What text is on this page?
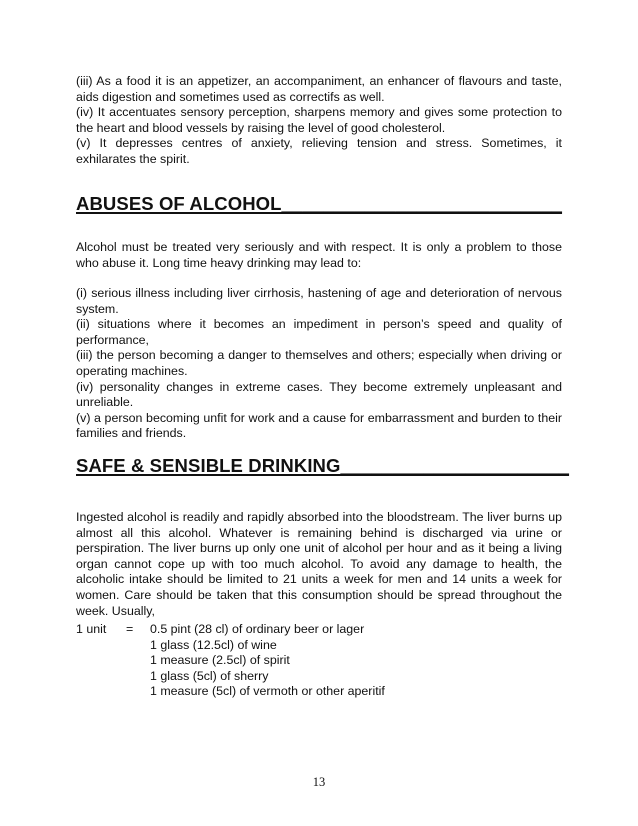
(iii) As a food it is an appetizer, an accompaniment, an enhancer of flavours and taste, aids digestion and sometimes used as correctifs as well.

(iv) It accentuates sensory perception, sharpens memory and gives some protection to the heart and blood vessels by raising the level of good cholesterol.

(v) It depresses centres of anxiety, relieving tension and stress. Sometimes, it exhilarates the spirit.

ABUSES OF ALCOHOL___________________________

Alcohol must be treated very seriously and with respect. It is only a problem to those who abuse it. Long time heavy drinking may lead to:

(i) serious illness including liver cirrhosis, hastening of age and deterioration of nervous system.

(ii) situations where it becomes an impediment in person’s speed and quality of performance,

(iii) the person becoming a danger to themselves and others; especially when driving or operating machines.

(iv) personality changes in extreme cases. They become extremely unpleasant and unreliable.

(v) a person becoming unfit for work and a cause for embarrassment and burden to their families and friends.

SAFE & SENSIBLE DRINKING______________________

Ingested alcohol is readily and rapidly absorbed into the bloodstream. The liver burns up almost all this alcohol. Whatever is remaining behind is discharged via urine or perspiration. The liver burns up only one unit of alcohol per hour and as it being a living organ cannot cope up with too much alcohol. To avoid any damage to health, the alcoholic intake should be limited to 21 units a week for men and 14 units a week for women. Care should be taken that this consumption should be spread throughout the week. Usually,

1 unit = 0.5 pint (28 cl) of ordinary beer or lager
1 glass (12.5cl) of wine
1 measure (2.5cl) of spirit
1 glass (5cl) of sherry
1 measure (5cl) of vermoth or other aperitif
13
